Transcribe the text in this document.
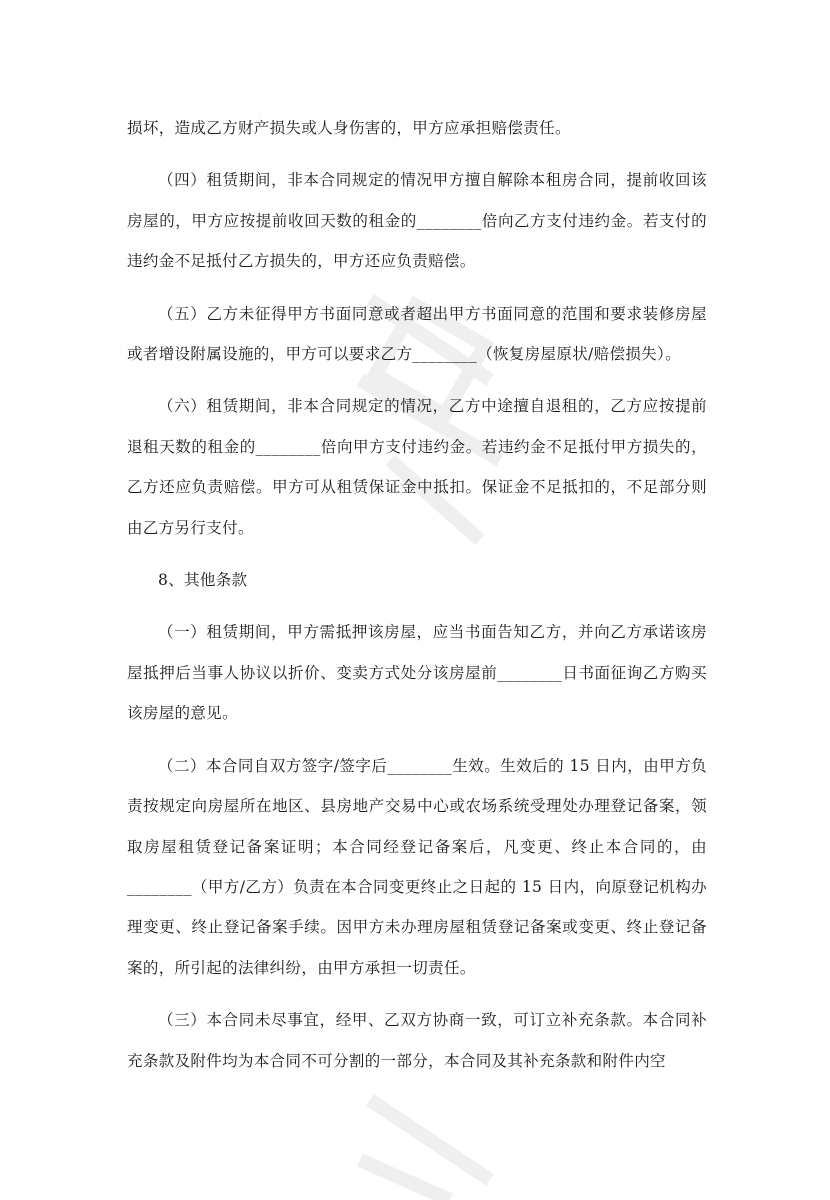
损坏，造成乙方财产损失或人身伤害的，甲方应承担赔偿责任。

（四）租赁期间，非本合同规定的情况甲方擅自解除本租房合同，提前收回该房屋的，甲方应按提前收回天数的租金的________倍向乙方支付违约金。若支付的违约金不足抵付乙方损失的，甲方还应负责赔偿。

（五）乙方未征得甲方书面同意或者超出甲方书面同意的范围和要求装修房屋或者增设附属设施的，甲方可以要求乙方________（恢复房屋原状/赔偿损失）。

（六）租赁期间，非本合同规定的情况，乙方中途擅自退租的，乙方应按提前退租天数的租金的________倍向甲方支付违约金。若违约金不足抵付甲方损失的，乙方还应负责赔偿。甲方可从租赁保证金中抵扣。保证金不足抵扣的，不足部分则由乙方另行支付。

8、其他条款

（一）租赁期间，甲方需抵押该房屋，应当书面告知乙方，并向乙方承诺该房屋抵押后当事人协议以折价、变卖方式处分该房屋前________日书面征询乙方购买该房屋的意见。

（二）本合同自双方签字/签字后________生效。生效后的 15 日内，由甲方负责按规定向房屋所在地区、县房地产交易中心或农场系统受理处办理登记备案，领取房屋租赁登记备案证明；本合同经登记备案后，凡变更、终止本合同的，由________（甲方/乙方）负责在本合同变更终止之日起的 15 日内，向原登记机构办理变更、终止登记备案手续。因甲方未办理房屋租赁登记备案或变更、终止登记备案的，所引起的法律纠纷，由甲方承担一切责任。

（三）本合同未尽事宜，经甲、乙双方协商一致，可订立补充条款。本合同补充条款及附件均为本合同不可分割的一部分，本合同及其补充条款和附件内空
